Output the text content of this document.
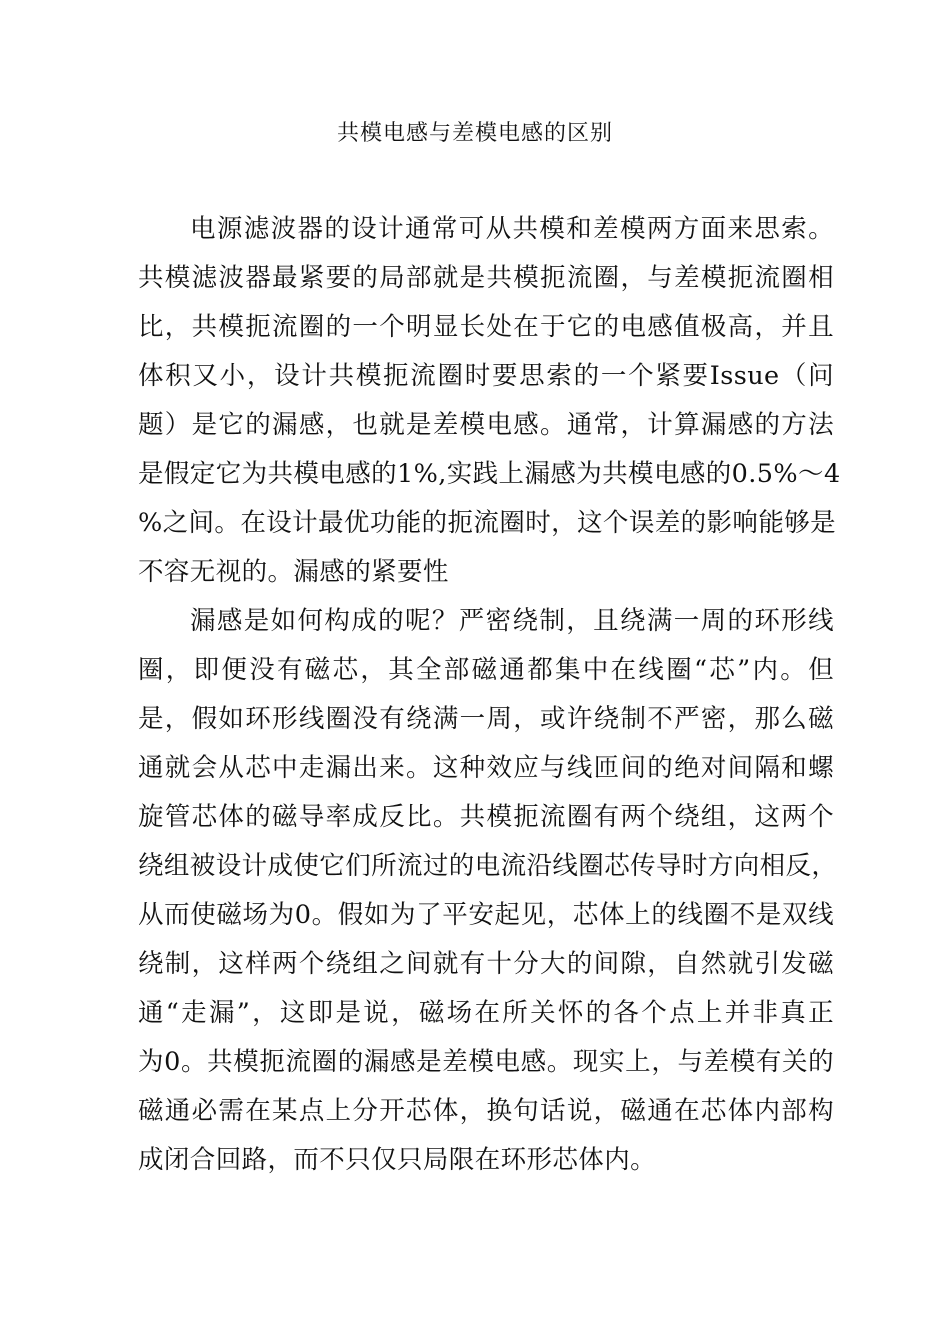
共模电感与差模电感的区别
电源滤波器的设计通常可从共模和差模两方面来思索。
共模滤波器最紧要的局部就是共模扼流圈，与差模扼流圈相
比，共模扼流圈的一个明显长处在于它的电感值极高，并且
体积又小，设计共模扼流圈时要思索的一个紧要Issue（问
题）是它的漏感，也就是差模电感。通常，计算漏感的方法
是假定它为共模电感的1%,实践上漏感为共模电感的0.5%〜4
%之间。在设计最优功能的扼流圈时，这个误差的影响能够是
不容无视的。漏感的紧要性
漏感是如何构成的呢？严密绕制，且绕满一周的环形线
圈，即便没有磁芯，其全部磁通都集中在线圈“芯”内。但
是，假如环形线圈没有绕满一周，或许绕制不严密，那么磁
通就会从芯中走漏出来。这种效应与线匝间的绝对间隔和螺
旋管芯体的磁导率成反比。共模扼流圈有两个绕组，这两个
绕组被设计成使它们所流过的电流沿线圈芯传导时方向相反，
从而使磁场为0。假如为了平安起见，芯体上的线圈不是双线
绕制，这样两个绕组之间就有十分大的间隙，自然就引发磁
通“走漏”，这即是说，磁场在所关怀的各个点上并非真正
为0。共模扼流圈的漏感是差模电感。现实上，与差模有关的
磁通必需在某点上分开芯体，换句话说，磁通在芯体内部构
成闭合回路，而不只仅只局限在环形芯体内。
